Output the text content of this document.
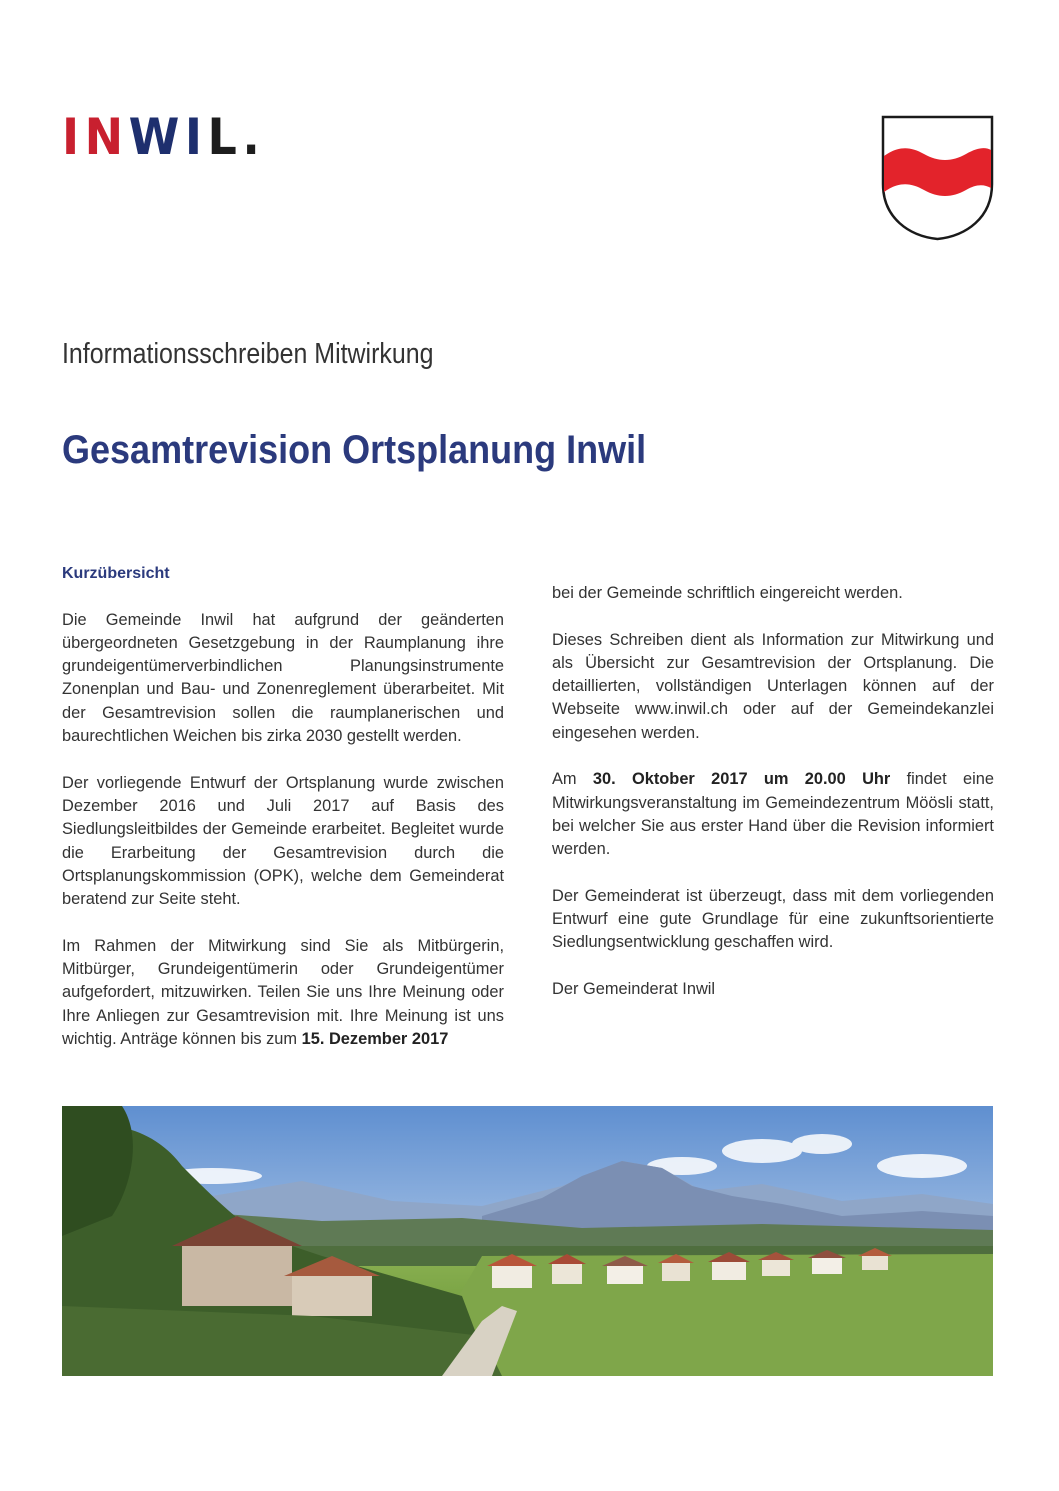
INWIL.
Informationsschreiben Mitwirkung
Gesamtrevision Ortsplanung Inwil

Kurzübersicht

Die Gemeinde Inwil hat aufgrund der geänderten übergeordneten Gesetzgebung in der Raumplanung ihre grundeigentümerverbindlichen Planungsinstrumente Zonenplan und Bau- und Zonenreglement überarbeitet. Mit der Gesamtrevision sollen die raumplanerischen und baurechtlichen Weichen bis zirka 2030 gestellt werden.

Der vorliegende Entwurf der Ortsplanung wurde zwischen Dezember 2016 und Juli 2017 auf Basis des Siedlungsleitbildes der Gemeinde erarbeitet. Begleitet wurde die Erarbeitung der Gesamtrevision durch die Ortsplanungskommission (OPK), welche dem Gemeinderat beratend zur Seite steht.

Im Rahmen der Mitwirkung sind Sie als Mitbürgerin, Mitbürger, Grundeigentümerin oder Grundeigentümer aufgefordert, mitzuwirken. Teilen Sie uns Ihre Meinung oder Ihre Anliegen zur Gesamtrevision mit. Ihre Meinung ist uns wichtig. Anträge können bis zum 15. Dezember 2017

bei der Gemeinde schriftlich eingereicht werden.

Dieses Schreiben dient als Information zur Mitwirkung und als Übersicht zur Gesamtrevision der Ortsplanung. Die detaillierten, vollständigen Unterlagen können auf der Webseite www.inwil.ch oder auf der Gemeindekanzlei eingesehen werden.

Am 30. Oktober 2017 um 20.00 Uhr findet eine Mitwirkungsveranstaltung im Gemeindezentrum Möösli statt, bei welcher Sie aus erster Hand über die Revision informiert werden.

Der Gemeinderat ist überzeugt, dass mit dem vorliegenden Entwurf eine gute Grundlage für eine zukunftsorientierte Siedlungsentwicklung geschaffen wird.

Der Gemeinderat Inwil
